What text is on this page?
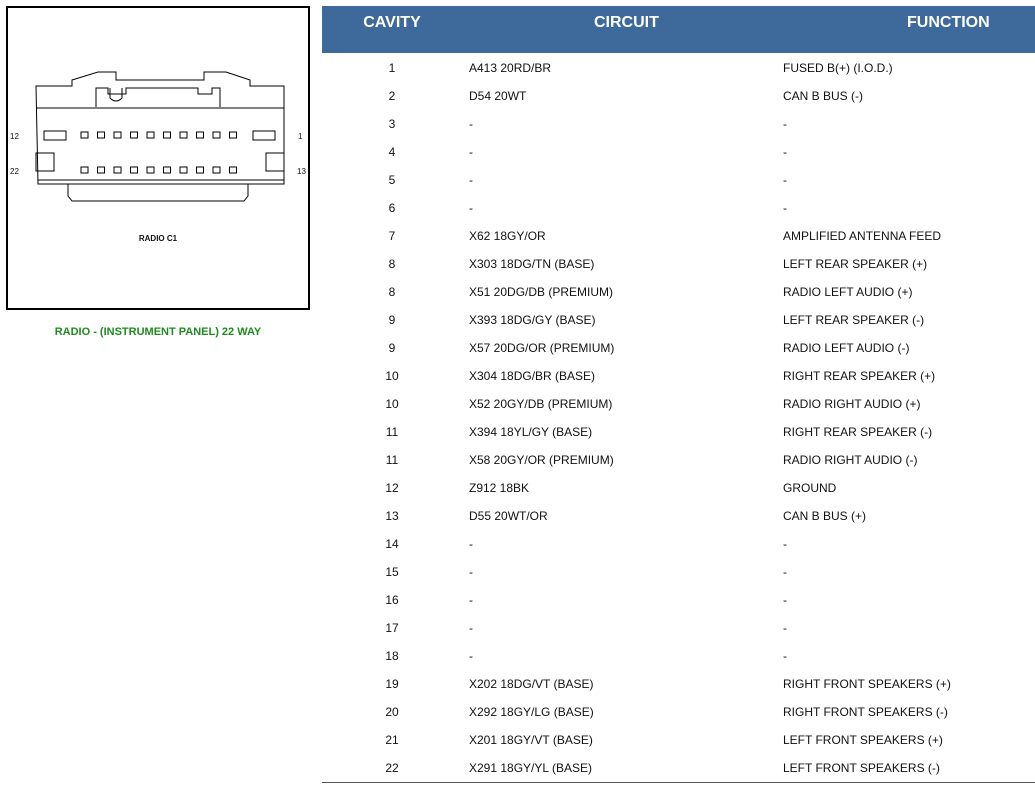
12	1
22	13
RADIO C1
RADIO - (INSTRUMENT PANEL) 22 WAY
CAVITY	CIRCUIT	FUNCTION
1	A413 20RD/BR	FUSED B(+) (I.O.D.)
2	D54 20WT	CAN B BUS (-)
3	-	-
4	-	-
5	-	-
6	-	-
7	X62 18GY/OR	AMPLIFIED ANTENNA FEED
8	X303 18DG/TN (BASE)	LEFT REAR SPEAKER (+)
8	X51 20DG/DB (PREMIUM)	RADIO LEFT AUDIO (+)
9	X393 18DG/GY (BASE)	LEFT REAR SPEAKER (-)
9	X57 20DG/OR (PREMIUM)	RADIO LEFT AUDIO (-)
10	X304 18DG/BR (BASE)	RIGHT REAR SPEAKER (+)
10	X52 20GY/DB (PREMIUM)	RADIO RIGHT AUDIO (+)
11	X394 18YL/GY (BASE)	RIGHT REAR SPEAKER (-)
11	X58 20GY/OR (PREMIUM)	RADIO RIGHT AUDIO (-)
12	Z912 18BK	GROUND
13	D55 20WT/OR	CAN B BUS (+)
14	-	-
15	-	-
16	-	-
17	-	-
18	-	-
19	X202 18DG/VT (BASE)	RIGHT FRONT SPEAKERS (+)
20	X292 18GY/LG (BASE)	RIGHT FRONT SPEAKERS (-)
21	X201 18GY/VT (BASE)	LEFT FRONT SPEAKERS (+)
22	X291 18GY/YL (BASE)	LEFT FRONT SPEAKERS (-)
